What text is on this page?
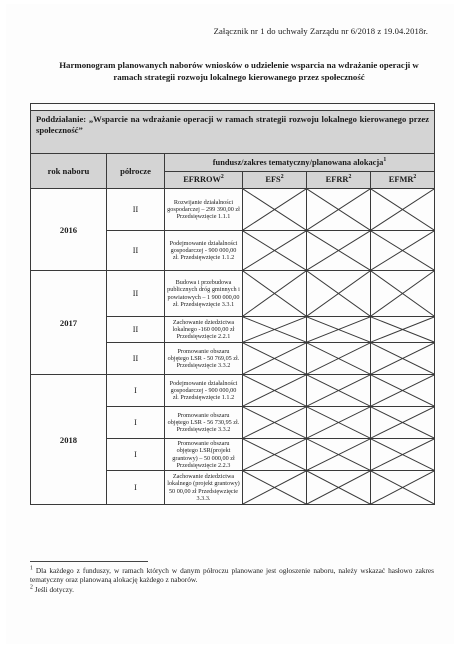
Załącznik nr 1 do uchwały Zarządu nr 6/2018 z 19.04.2018r.
Harmonogram planowanych naborów wniosków o udzielenie wsparcia na wdrażanie operacji w ramach strategii rozwoju lokalnego kierowanego przez społeczność

Poddziałanie: „Wsparcie na wdrażanie operacji w ramach strategii rozwoju lokalnego kierowanego przez społeczność”					
rok naboru	półrocze	fundusz/zakres tematyczny/planowana alokacja$^1$
		EFRROW$^2$	EFS$^2$	EFRR$^2$	EFMR$^2$
2016	II	Rozwijanie działalności gospodarczej – 299 390,00 zł Przedsięwzięcie 1.1.1	

	II	Podejmowanie działalności gospodarczej - 900 000,00 zł. Przedsięwzięcie 1.1.2	

2017	II	Budowa i przebudowa publicznych dróg gminnych i powiatowych – 1 900 000,00 zł. Przedsięwzięcie 3.3.1	

	II	Zachowanie dziedzictwa lokalnego -160 000,00 zł Przedsięwzięcie 2.2.1	

	II	Promowanie obszaru objętego LSR - 50 769,05 zł. Przedsięwzięcie 3.3.2	

2018	I	Podejmowanie działalności gospodarczej - 900 000,00 zł. Przedsięwzięcie 1.1.2	

	I	Promowanie obszaru objętego LSR - 56 730,95 zł. Przedsięwzięcie 3.3.2	

	I	Promowanie obszaru objętego LSR(projekt grantowy) – 50 000,00 zł Przedsięwzięcie 2.2.3	

	I	Zachowanie dziedzictwa lokalnego (projekt grantowy) 50 00,00 zł Przedsięwzięcie 3.3.3.	

$^1$ Dla każdego z funduszy, w ramach których w danym półroczu planowane jest ogłoszenie naboru, należy wskazać hasłowo zakres tematyczny oraz planowaną alokację każdego z naborów.
$^2$ Jeśli dotyczy.
